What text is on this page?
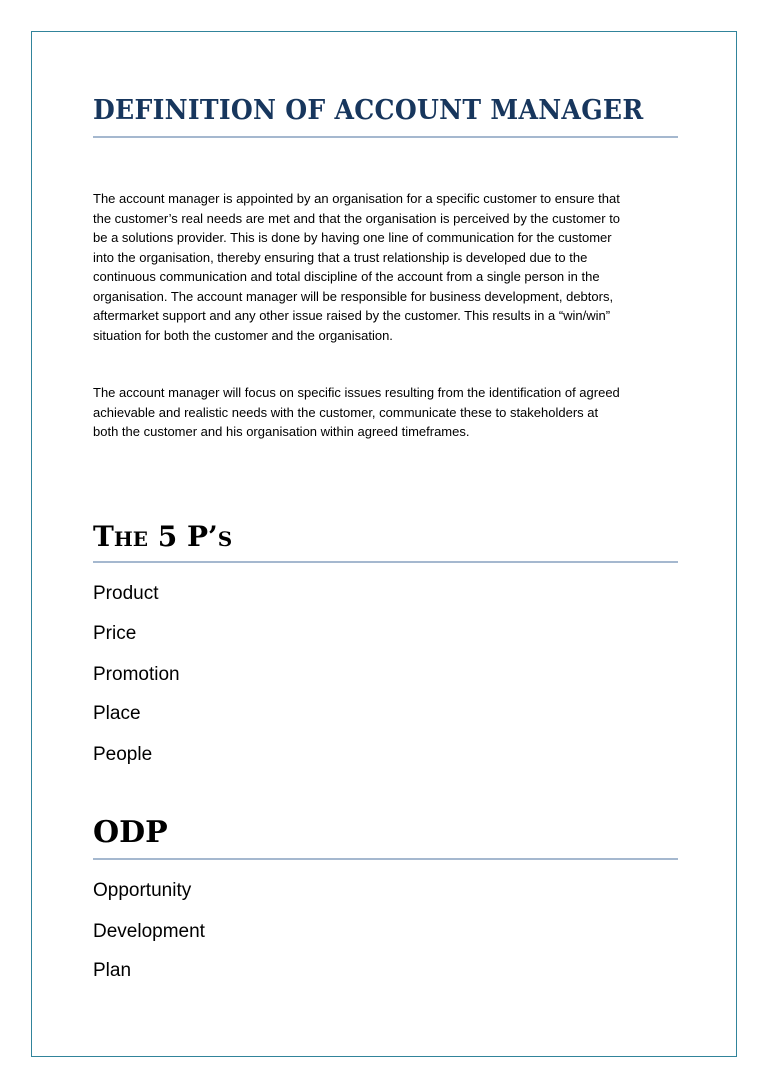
DEFINITION OF ACCOUNT MANAGER
The account manager is appointed by an organisation for a specific customer to ensure that
the customer’s real needs are met and that the organisation is perceived by the customer to
be a solutions provider. This is done by having one line of communication for the customer
into the organisation, thereby ensuring that a trust relationship is developed due to the
continuous communication and total discipline of the account from a single person in the
organisation. The account manager will be responsible for business development, debtors,
aftermarket support and any other issue raised by the customer. This results in a “win/win”
situation for both the customer and the organisation.
The account manager will focus on specific issues resulting from the identification of agreed
achievable and realistic needs with the customer, communicate these to stakeholders at
both the customer and his organisation within agreed timeframes.
THE 5 P’S
Product
Price
Promotion
Place
People
ODP
Opportunity
Development
Plan
